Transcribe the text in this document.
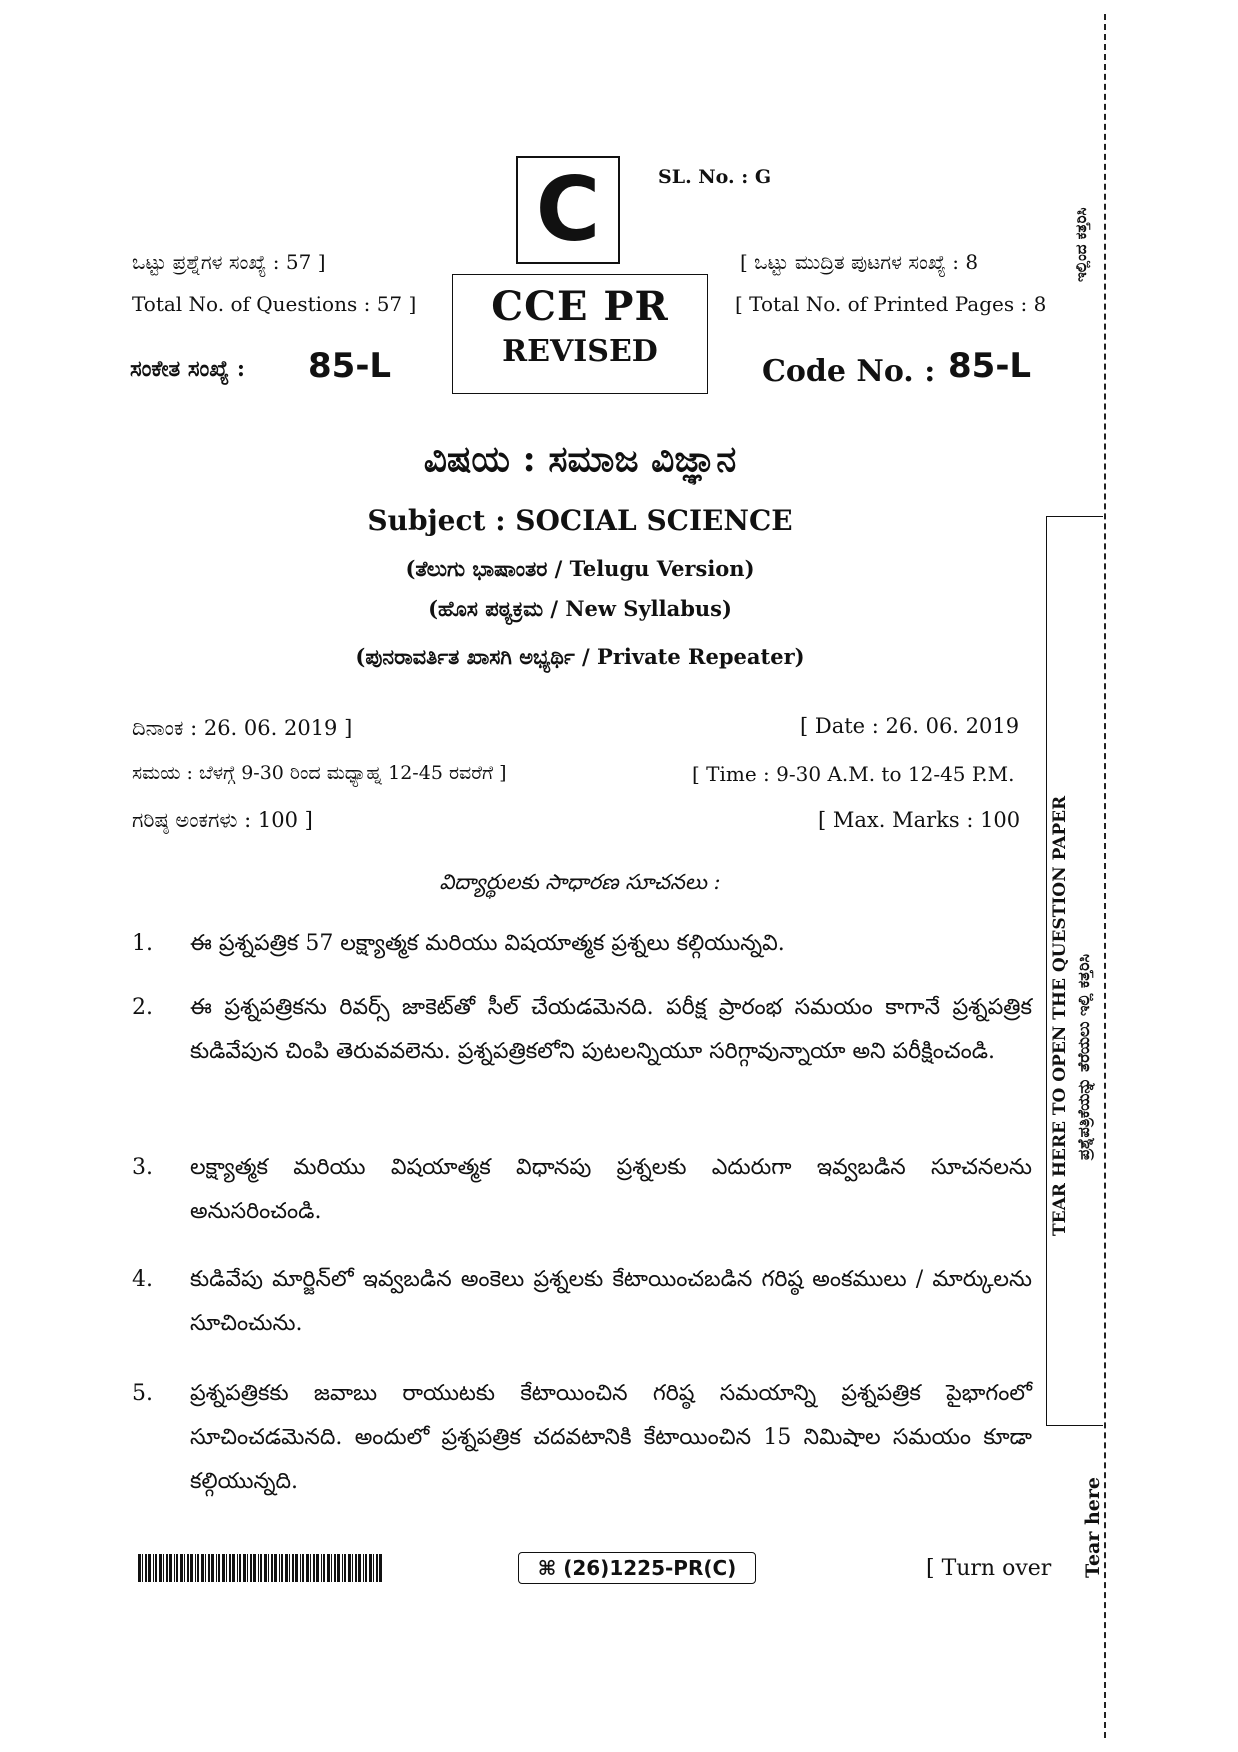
C	SL. No. : G
ಒಟ್ಟು ಪ್ರಶ್ನೆಗಳ ಸಂಖ್ಯೆ : 57 ]
Total No. of Questions : 57 ]
[ ಒಟ್ಟು ಮುದ್ರಿತ ಪುಟಗಳ ಸಂಖ್ಯೆ : 8
[ Total No. of Printed Pages : 8
CCE PR
REVISED
ಸಂಕೇತ ಸಂಖ್ಯೆ : 85-L	Code No. : 85-L
ವಿಷಯ : ಸಮಾಜ ವಿಜ್ಞಾನ
Subject : SOCIAL SCIENCE
(ತೆಲುಗು ಭಾಷಾಂತರ / Telugu Version)
(ಹೊಸ ಪಠ್ಯಕ್ರಮ / New Syllabus)
(ಪುನರಾವರ್ತಿತ ಖಾಸಗಿ ಅಭ್ಯರ್ಥಿ / Private Repeater)
ದಿನಾಂಕ : 26. 06. 2019 ]	[ Date : 26. 06. 2019
ಸಮಯ : ಬೆಳಗ್ಗೆ 9-30 ರಿಂದ ಮಧ್ಯಾಹ್ನ 12-45 ರವರೆಗೆ ]	[ Time : 9-30 A.M. to 12-45 P.M.
ಗರಿಷ್ಠ ಅಂಕಗಳು : 100 ]	[ Max. Marks : 100
విద్యార్థులకు సాధారణ సూచనలు :
1.	ఈ ప్రశ్నపత్రిక 57 లక్ష్యాత్మక మరియు విషయాత్మక ప్రశ్నలు కల్గియున్నవి.
2.	ఈ ప్రశ్నపత్రికను రివర్స్ జాకెట్‌తో సీల్ చేయడమెనది. పరీక్ష ప్రారంభ సమయం కాగానే ప్రశ్నపత్రిక కుడివేపున చింపి తెరువవలెను. ప్రశ్నపత్రికలోని పుటలన్నియూ సరిగ్గావున్నాయా అని పరీక్షించండి.
3.	లక్ష్యాత్మక మరియు విషయాత్మక విధానపు ప్రశ్నలకు ఎదురుగా ఇవ్వబడిన సూచనలను అనుసరించండి.
4.	కుడివేపు మార్జిన్‌లో ఇవ్వబడిన అంకెలు ప్రశ్నలకు కేటాయించబడిన గరిష్ఠ అంకములు / మార్కులను సూచించును.
5.	ప్రశ్నపత్రికకు జవాబు రాయుటకు కేటాయించిన గరిష్ఠ సమయాన్ని ప్రశ్నపత్రిక పైభాగంలో సూచించడమెనది. అందులో ప్రశ్నపత్రిక చదవటానికి కేటాయించిన 15 నిమిషాల సమయం కూడా కల్గియున్నది.
⌘ (26)1225-PR(C)	[ Turn over
TEAR HERE TO OPEN THE QUESTION PAPER ಪ್ರಶ್ನೆಪತ್ರಿಕೆಯನ್ನು ತೆರೆಯಲು ಇಲ್ಲಿ ಕತ್ತರಿಸಿ
Tear here
ಇಲ್ಲಿಂದ ಕತ್ತರಿಸಿ
